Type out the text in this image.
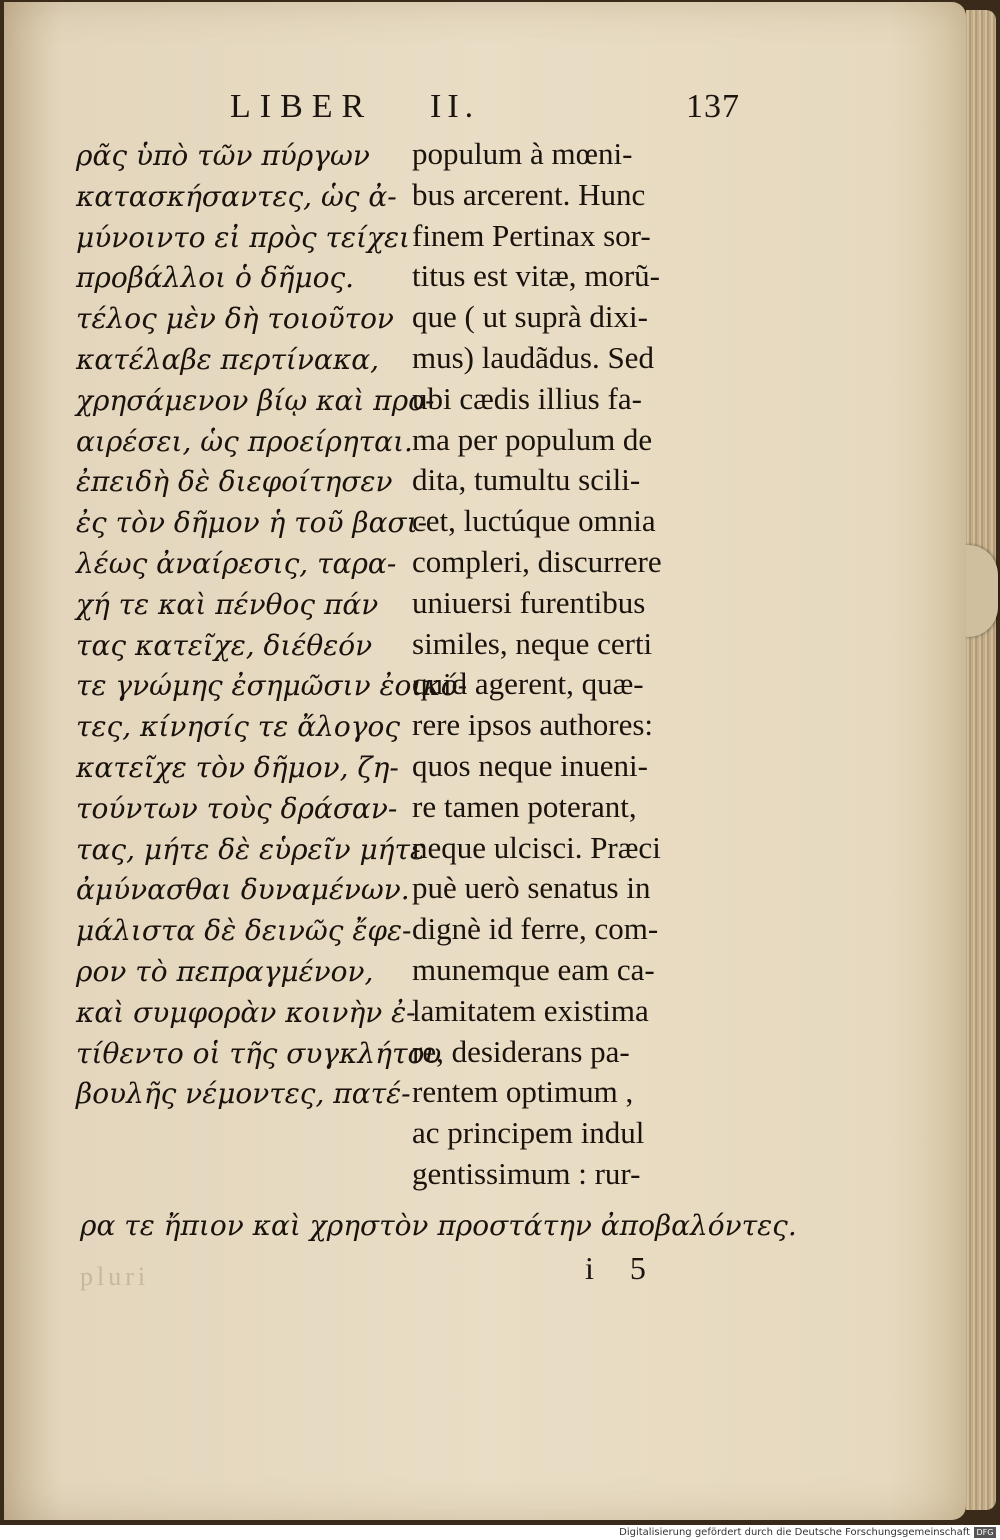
LIBER II.	137
ρᾶς ὑπὸ τῶν πύργων
κατασκήσαντες, ὡς ἀ-
μύνοιντο εἰ πρὸς τείχει
προβάλλοι ὁ δῆμος.
τέλος μὲν δὴ τοιοῦτον
κατέλαβε περτίνακα,
χρησάμενον βίῳ καὶ προ-
αιρέσει, ὡς προείρηται.
ἐπειδὴ δὲ διεφοίτησεν
ἐς τὸν δῆμον ἡ τοῦ βασι-
λέως ἀναίρεσις, ταρα-
χή τε καὶ πένθος πάν
τας κατεῖχε, διέθεόν
τε γνώμης ἐσημῶσιν ἐοικό-
τες, κίνησίς τε ἄλογος
κατεῖχε τὸν δῆμον, ζη-
τούντων τοὺς δράσαν-
τας, μήτε δὲ εὑρεῖν μήτε
ἀμύνασθαι δυναμένων.
μάλιστα δὲ δεινῶς ἔφε-
ρον τὸ πεπραγμένον,
καὶ συμφορὰν κοινὴν ἐ-
τίθεντο οἱ τῆς συγκλήτου
βουλῆς νέμοντες, πατέ-
populum à mœni-
bus arcerent. Hunc
finem Pertinax sor-
titus est vitæ, morũ-
que ( ut suprà dixi-
mus) laudãdus. Sed
ubi cædis illius fa-
ma per populum de
dita, tumultu scili-
cet, luctúque omnia
compleri, discurrere
uniuersi furentibus
similes, neque certi
quid agerent, quæ-
rere ipsos authores:
quos neque inueni-
re tamen poterant,
neque ulcisci. Præci
puè uerò senatus in
dignè id ferre, com-
munemque eam ca-
lamitatem existima
re, desiderans pa-
rentem optimum ,
ac principem indul
gentissimum : rur-
ρα τε ἤπιον καὶ χρηστὸν προστάτην ἀποβαλόντες.
pluri	i 5
Digitalisierung gefördert durch die Deutsche Forschungsgemeinschaft DFG
